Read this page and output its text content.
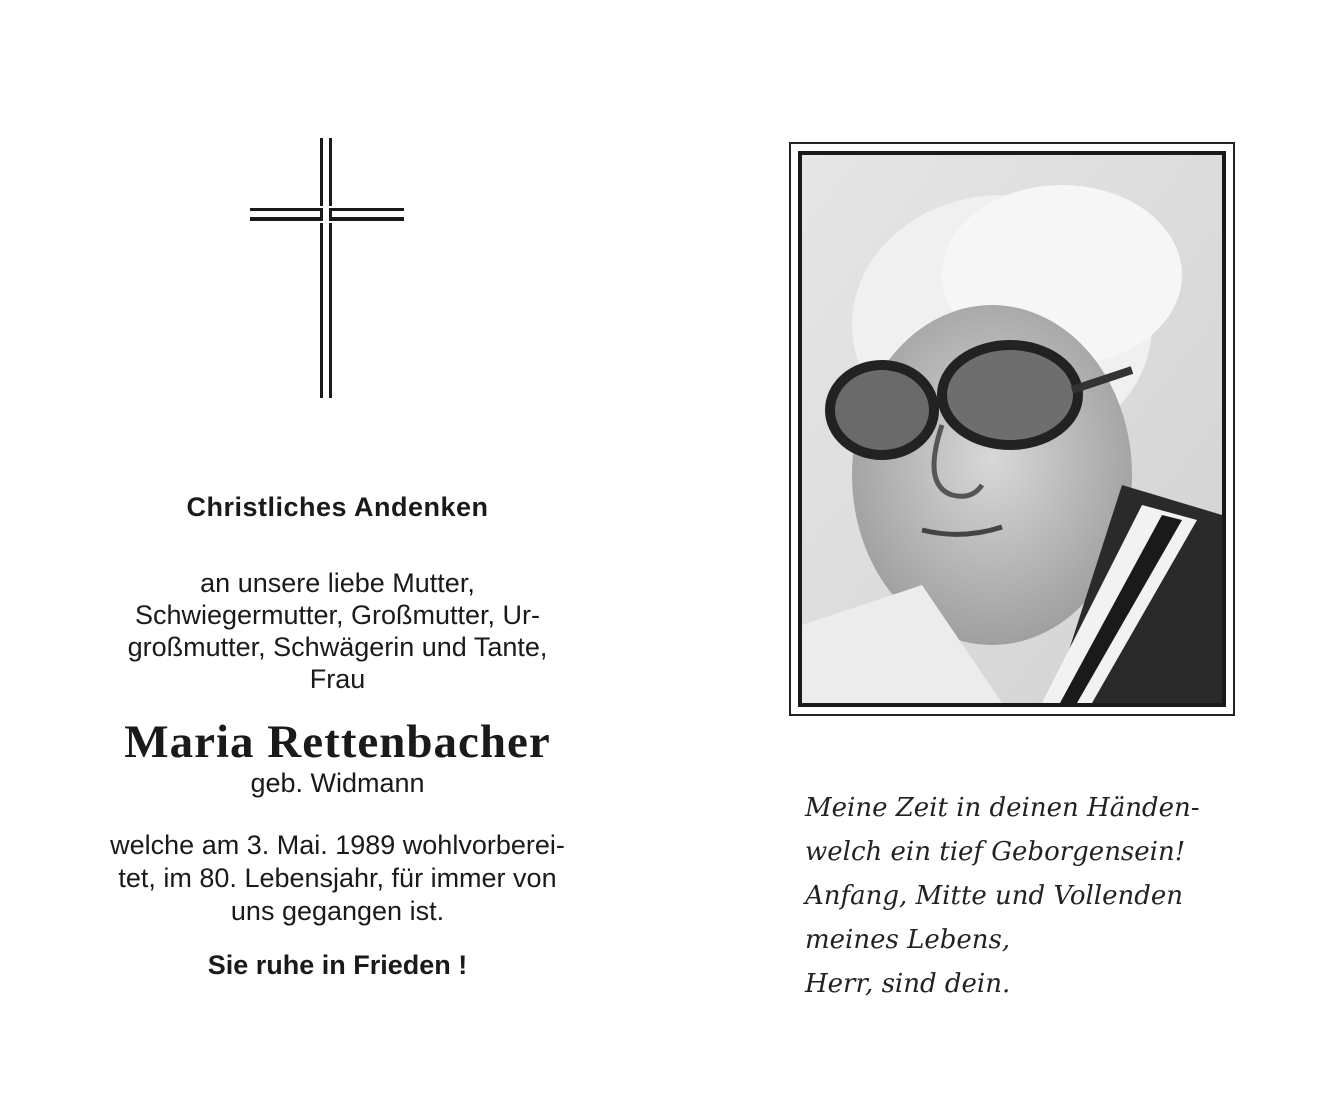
Christliches Andenken

an unsere liebe Mutter,
Schwiegermutter, Großmutter, Ur-
großmutter, Schwägerin und Tante,
Frau

Maria Rettenbacher

geb. Widmann

welche am 3. Mai. 1989 wohlvorberei-
tet, im 80. Lebensjahr, für immer von
uns gegangen ist.

Sie ruhe in Frieden !

Meine Zeit in deinen Händen-
welch ein tief Geborgensein!
Anfang, Mitte und Vollenden
meines Lebens,
Herr, sind dein.
